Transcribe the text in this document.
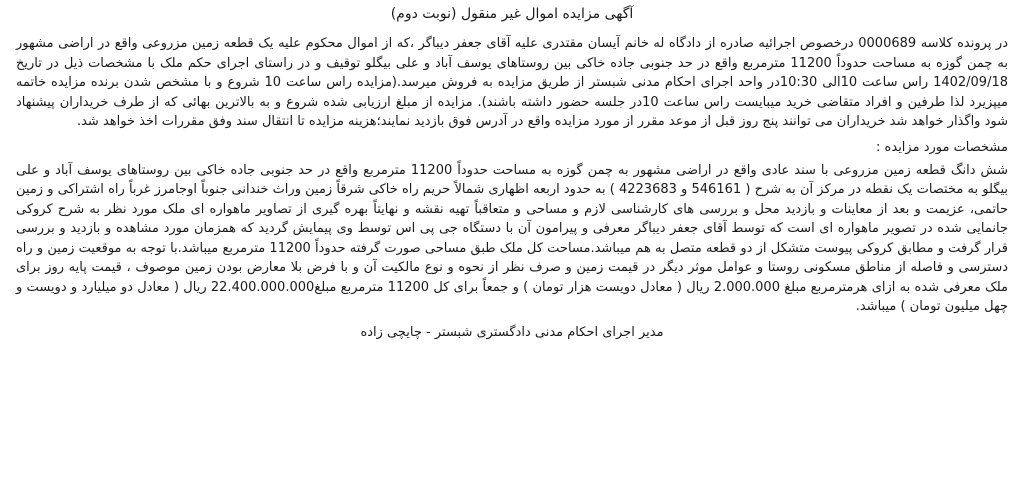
آگهی مزایده اموال غیر منقول (نوبت دوم)

در پرونده کلاسه 0000689 درخصوص اجرائیه صادره از دادگاه له خانم آیسان مقتدری علیه آقای جعفر دیباگر ،که از اموال محکوم علیه یک قطعه زمین مزروعی واقع در اراضی مشهور به چمن گوزه به مساحت حدوداً 11200 مترمربع واقع در حد جنوبی جاده خاکی بین روستاهای یوسف آباد و علی بیگلو توقیف و در راستای اجرای حکم ملک با مشخصات ذیل در تاریخ 1402/09/18 راس ساعت 10الی 10:30در واحد اجرای احکام مدنی شبستر از طریق مزایده به فروش میرسد.(مزایده راس ساعت 10 شروع و با مشخص شدن برنده مزایده خاتمه میپزیرد لذا طرفین و افراد متقاضی خرید میبایست راس ساعت 10در جلسه حضور داشته باشند). مزایده از مبلغ ارزیابی شده شروع و به بالاترین بهائی که از طرف خریداران پیشنهاد شود واگذار خواهد شد خریداران می توانند پنج روز قبل از موعد مقرر از مورد مزایده واقع در آدرس فوق بازدید نمایند؛هزینه مزایده تا انتقال سند وفق مقررات اخذ خواهد شد.

مشخصات مورد مزایده :

شش دانگ قطعه زمین مزروعی با سند عادی واقع در اراضی مشهور به چمن گوزه به مساحت حدوداً 11200 مترمربع واقع در حد جنوبی جاده خاکی بین روستاهای یوسف آباد و علی بیگلو به مختصات یک نقطه در مرکز آن به شرح ( 546161 و 4223683 ) به حدود اربعه اظهاری شمالاً حریم راه خاکی شرقاً زمین وراث خندانی جنوباً اوجامرز غرباً راه اشتراکی و زمین حاتمی، عزیمت و بعد از معاینات و بازدید محل و بررسی های کارشناسی لازم و مساحی و متعاقباً تهیه نقشه و نهایتاً بهره گیری از تصاویر ماهواره ای ملک مورد نظر به شرح کروکی جانمایی شده در تصویر ماهواره ای است که توسط آقای جعفر دیباگر معرفی و پیرامون آن با دستگاه جی پی اس توسط وی پیمایش گردید که همزمان مورد مشاهده و بازدید و بررسی قرار گرفت و مطابق کروکی پیوست متشکل از دو قطعه متصل به هم میباشد.مساحت کل ملک طبق مساحی صورت گرفته حدوداً 11200 مترمربع میباشد.با توجه به موقعیت زمین و راه دسترسی و فاصله از مناطق مسکونی روستا و عوامل موثر دیگر در قیمت زمین و صرف نظر از نحوه و نوع مالکیت آن و با فرض بلا معارض بودن زمین موصوف ، قیمت پایه روز برای ملک معرفی شده به ازای هرمترمربع مبلغ 2.000.000 ریال ( معادل دویست هزار تومان ) و جمعاً برای کل 11200 مترمربع مبلغ22.400.000.000 ریال ( معادل دو میلیارد و دویست و چهل میلیون تومان ) میباشد.

مدیر اجرای احکام مدنی دادگستری شبستر - چایچی زاده
